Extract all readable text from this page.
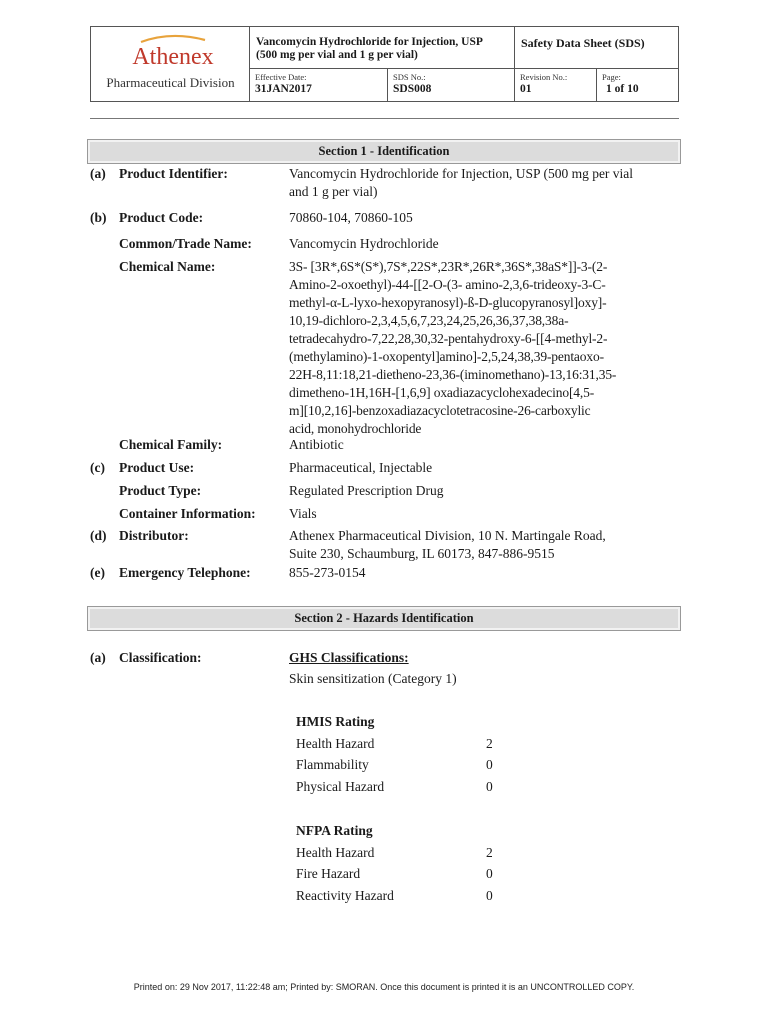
Athenex
Pharmaceutical Division
Vancomycin Hydrochloride for Injection, USP
(500 mg per vial and 1 g per vial)
Safety Data Sheet (SDS)
Effective Date:
31JAN2017
SDS No.:
SDS008
Revision No.:
01
Page:
1 of 10
Section 1 - Identification
(a) Product Identifier:	Vancomycin Hydrochloride for Injection, USP (500 mg per vial
and 1 g per vial)
(b) Product Code:	70860-104, 70860-105
Common/Trade Name:	Vancomycin Hydrochloride
Chemical Name:	3S- [3R*,6S*(S*),7S*,22S*,23R*,26R*,36S*,38aS*]]-3-(2-
Amino-2-oxoethyl)-44-[[2-O-(3- amino-2,3,6-trideoxy-3-C-
methyl-α-L-lyxo-hexopyranosyl)-ß-D-glucopyranosyl]oxy]-
10,19-dichloro-2,3,4,5,6,7,23,24,25,26,36,37,38,38a-
tetradecahydro-7,22,28,30,32-pentahydroxy-6-[[4-methyl-2-
(methylamino)-1-oxopentyl]amino]-2,5,24,38,39-pentaoxo-
22H-8,11:18,21-dietheno-23,36-(iminomethano)-13,16:31,35-
dimetheno-1H,16H-[1,6,9] oxadiazacyclohexadecino[4,5-
m][10,2,16]-benzoxadiazacyclotetracosine-26-carboxylic
acid, monohydrochloride
Chemical Family:	Antibiotic
(c) Product Use:	Pharmaceutical, Injectable
Product Type:	Regulated Prescription Drug
Container Information: Vials
(d) Distributor:	Athenex Pharmaceutical Division, 10 N. Martingale Road,
Suite 230, Schaumburg, IL 60173, 847-886-9515
(e) Emergency Telephone:	855-273-0154
Section 2 - Hazards Identification
(a) Classification:	GHS Classifications:
Skin sensitization (Category 1)
HMIS Rating
Health Hazard	2
Flammability	0
Physical Hazard	0
NFPA Rating
Health Hazard	2
Fire Hazard	0
Reactivity Hazard	0
Printed on: 29 Nov 2017, 11:22:48 am; Printed by: SMORAN. Once this document is printed it is an UNCONTROLLED COPY.
